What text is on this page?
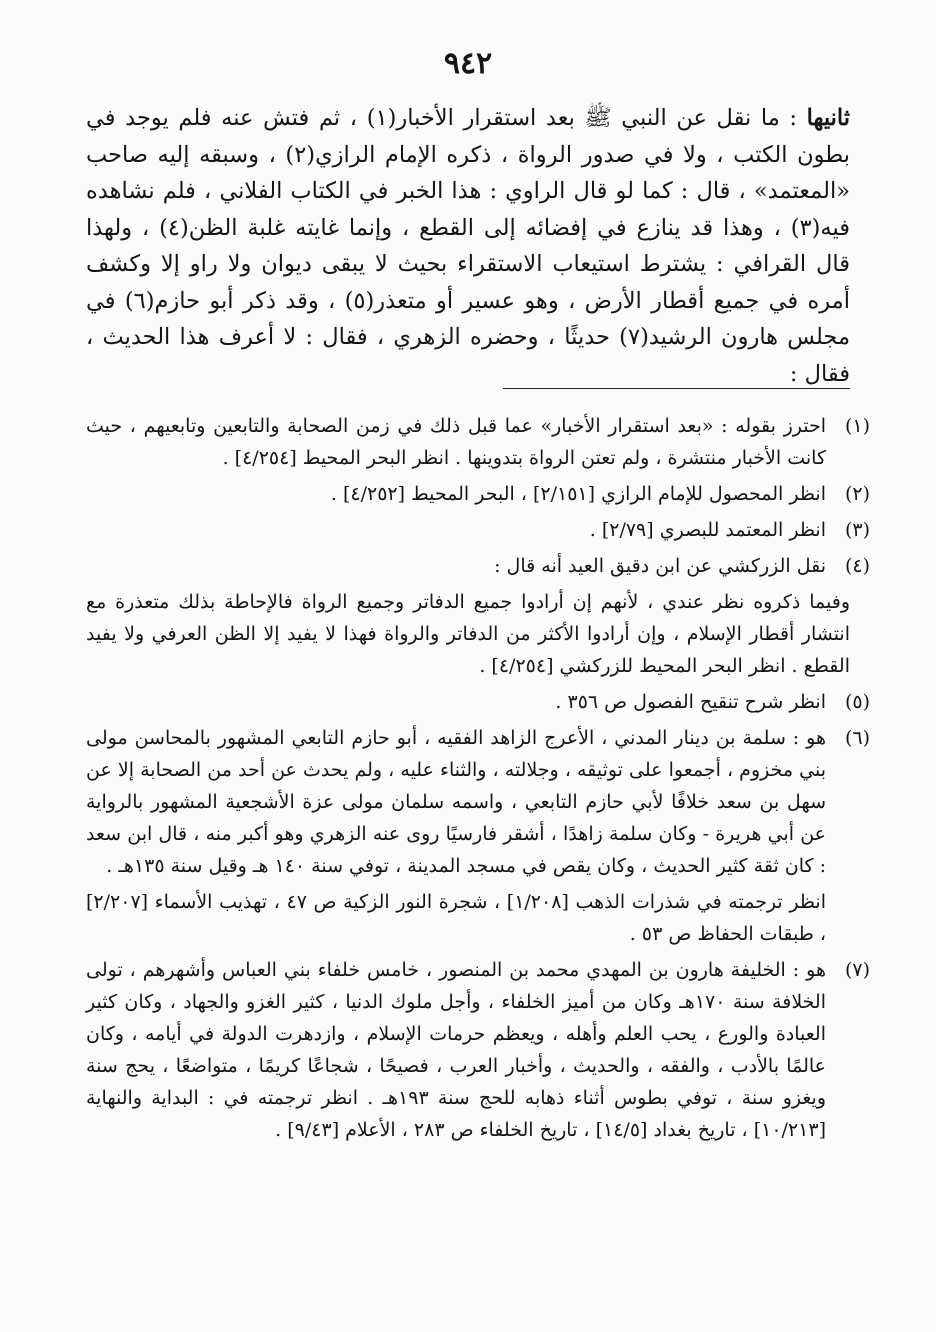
٩٤٢

ثانيها : ما نقل عن النبي ﷺ بعد استقرار الأخبار(١) ، ثم فتش عنه فلم يوجد في بطون الكتب ، ولا في صدور الرواة ، ذكره الإمام الرازي(٢) ، وسبقه إليه صاحب «المعتمد» ، قال : كما لو قال الراوي : هذا الخبر في الكتاب الفلاني ، فلم نشاهده فيه(٣) ، وهذا قد ينازع في إفضائه إلى القطع ، وإنما غايته غلبة الظن(٤) ، ولهذا قال القرافي : يشترط استيعاب الاستقراء بحيث لا يبقى ديوان ولا راو إلا وكشف أمره في جميع أقطار الأرض ، وهو عسير أو متعذر(٥) ، وقد ذكر أبو حازم(٦) في مجلس هارون الرشيد(٧) حديثًا ، وحضره الزهري ، فقال : لا أعرف هذا الحديث ، فقال :

(١)
احترز بقوله : «بعد استقرار الأخبار» عما قبل ذلك في زمن الصحابة والتابعين وتابعيهم ، حيث كانت الأخبار منتشرة ، ولم تعتن الرواة بتدوينها . انظر البحر المحيط [٤/٢٥٤] .
(٢)
انظر المحصول للإمام الرازي [٢/١٥١] ، البحر المحيط [٤/٢٥٢] .
(٣)
انظر المعتمد للبصري [٢/٧٩] .
(٤)
نقل الزركشي عن ابن دقيق العيد أنه قال :
وفيما ذكروه نظر عندي ، لأنهم إن أرادوا جميع الدفاتر وجميع الرواة فالإحاطة بذلك متعذرة مع انتشار أقطار الإسلام ، وإن أرادوا الأكثر من الدفاتر والرواة فهذا لا يفيد إلا الظن العرفي ولا يفيد القطع . انظر البحر المحيط للزركشي [٤/٢٥٤] .
(٥)
انظر شرح تنقيح الفصول ص ٣٥٦ .
(٦)
هو : سلمة بن دينار المدني ، الأعرج الزاهد الفقيه ، أبو حازم التابعي المشهور بالمحاسن مولى بني مخزوم ، أجمعوا على توثيقه ، وجلالته ، والثناء عليه ، ولم يحدث عن أحد من الصحابة إلا عن سهل بن سعد خلافًا لأبي حازم التابعي ، واسمه سلمان مولى عزة الأشجعية المشهور بالرواية عن أبي هريرة - وكان سلمة زاهدًا ، أشقر فارسيًا روى عنه الزهري وهو أكبر منه ، قال ابن سعد : كان ثقة كثير الحديث ، وكان يقص في مسجد المدينة ، توفي سنة ١٤٠ هـ وقيل سنة ١٣٥هـ .
انظر ترجمته في شذرات الذهب [١/٢٠٨] ، شجرة النور الزكية ص ٤٧ ، تهذيب الأسماء [٢/٢٠٧] ، طبقات الحفاظ ص ٥٣ .
(٧)
هو : الخليفة هارون بن المهدي محمد بن المنصور ، خامس خلفاء بني العباس وأشهرهم ، تولى الخلافة سنة ١٧٠هـ وكان من أميز الخلفاء ، وأجل ملوك الدنيا ، كثير الغزو والجهاد ، وكان كثير العبادة والورع ، يحب العلم وأهله ، ويعظم حرمات الإسلام ، وازدهرت الدولة في أيامه ، وكان عالمًا بالأدب ، والفقه ، والحديث ، وأخبار العرب ، فصيحًا ، شجاعًا كريمًا ، متواضعًا ، يحج سنة ويغزو سنة ، توفي بطوس أثناء ذهابه للحج سنة ١٩٣هـ . انظر ترجمته في : البداية والنهاية [١٠/٢١٣] ، تاريخ بغداد [١٤/٥] ، تاريخ الخلفاء ص ٢٨٣ ، الأعلام [٩/٤٣] .
